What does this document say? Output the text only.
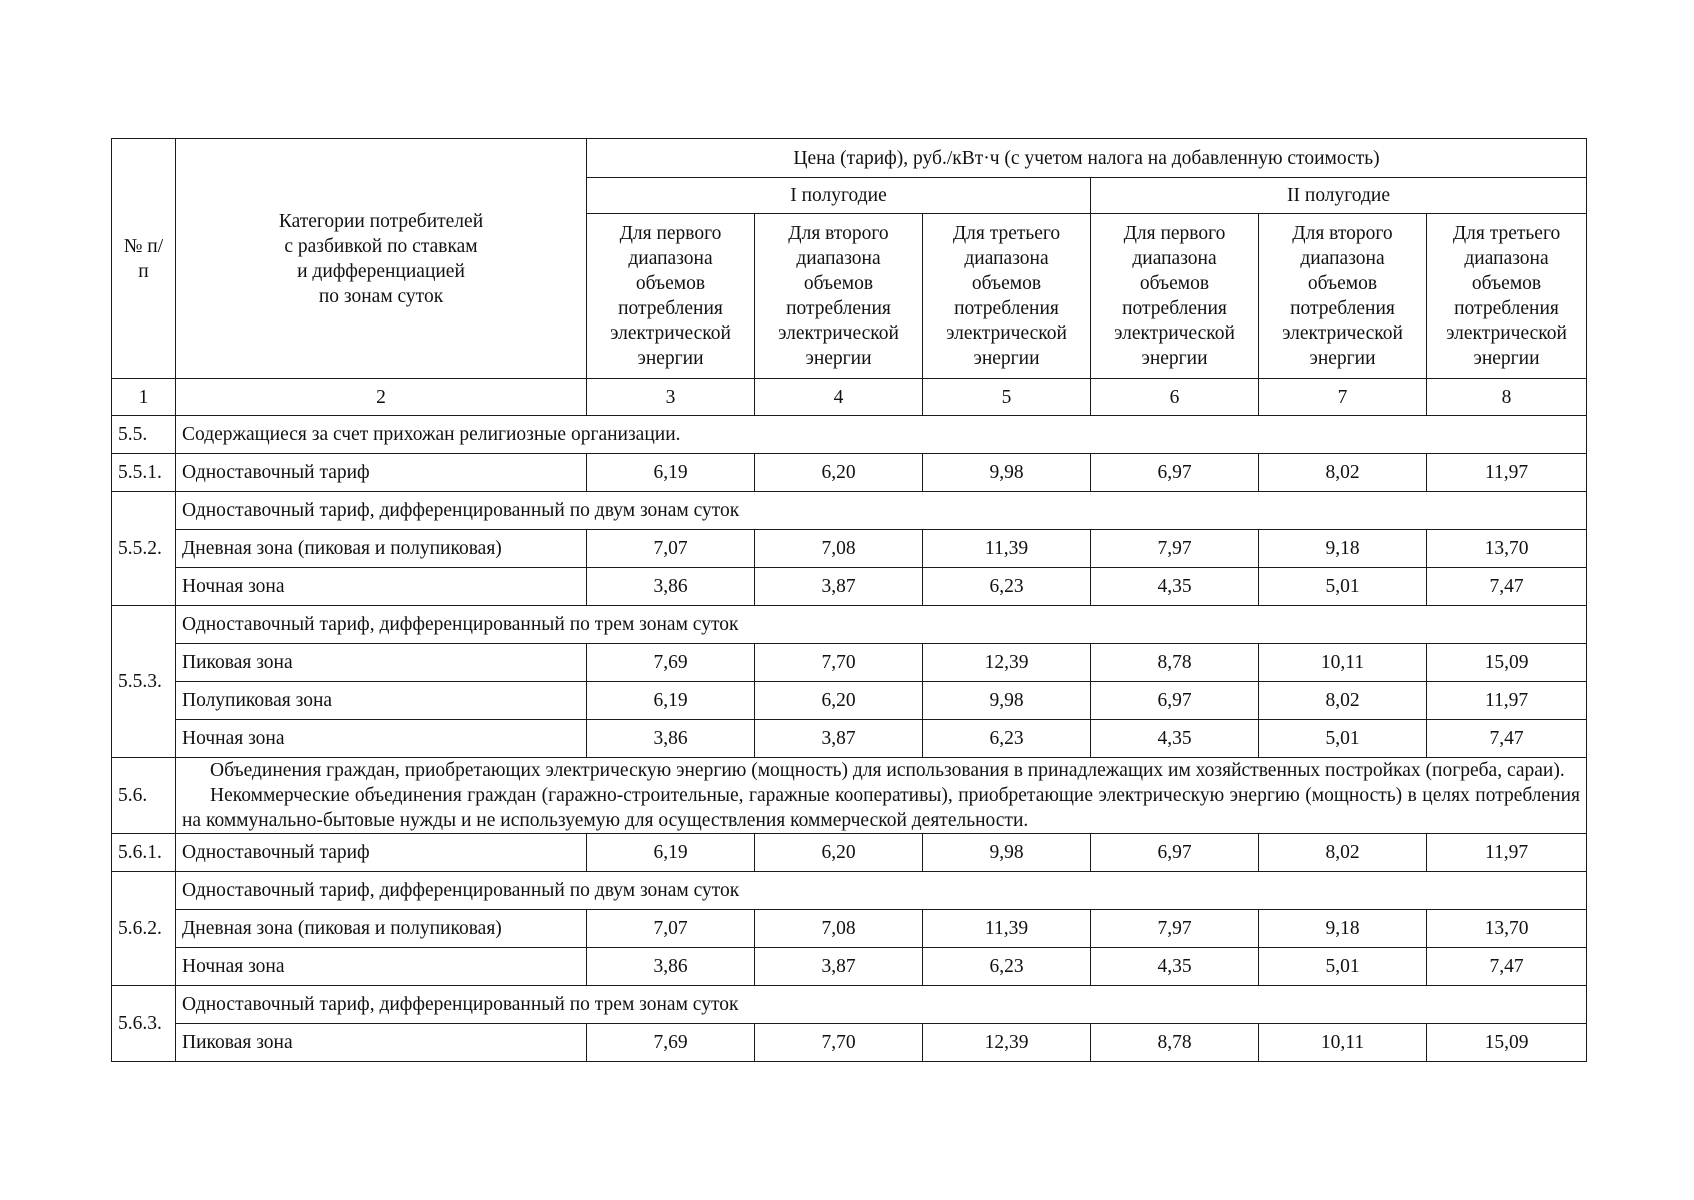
№ п/п	Категории потребителей
с разбивкой по ставкам
и дифференциацией
по зонам суток	Цена (тариф), руб./кВт·ч (с учетом налога на добавленную стоимость)					
		I полугодие			II полугодие		
		Для первого диапазона объемов потребления электрической энергии	Для второго диапазона объемов потребления электрической энергии	Для третьего диапазона объемов потребления электрической энергии	Для первого диапазона объемов потребления электрической энергии	Для второго диапазона объемов потребления электрической энергии	Для третьего диапазона объемов потребления электрической энергии
1	2	3	4	5	6	7	8
5.5.	Содержащиеся за счет прихожан религиозные организации.						
5.5.1.	Одноставочный тариф	6,19	6,20	9,98	6,97	8,02	11,97
5.5.2.	Одноставочный тариф, дифференцированный по двум зонам суток						
	Дневная зона (пиковая и полупиковая)	7,07	7,08	11,39	7,97	9,18	13,70
	Ночная зона	3,86	3,87	6,23	4,35	5,01	7,47
5.5.3.	Одноставочный тариф, дифференцированный по трем зонам суток						
	Пиковая зона	7,69	7,70	12,39	8,78	10,11	15,09
	Полупиковая зона	6,19	6,20	9,98	6,97	8,02	11,97
	Ночная зона	3,86	3,87	6,23	4,35	5,01	7,47
5.6.	Объединения граждан, приобретающих электрическую энергию (мощность) для использования в принадлежащих им хозяйственных постройках (погреба, сараи).

Некоммерческие объединения граждан (гаражно-строительные, гаражные кооперативы), приобретающие электрическую энергию (мощность) в целях потребления на коммунально-бытовые нужды и не используемую для осуществления коммерческой деятельности.						

5.6.1.	Одноставочный тариф	6,19	6,20	9,98	6,97	8,02	11,97
5.6.2.	Одноставочный тариф, дифференцированный по двум зонам суток						
	Дневная зона (пиковая и полупиковая)	7,07	7,08	11,39	7,97	9,18	13,70
	Ночная зона	3,86	3,87	6,23	4,35	5,01	7,47
5.6.3.	Одноставочный тариф, дифференцированный по трем зонам суток						
	Пиковая зона	7,69	7,70	12,39	8,78	10,11	15,09
